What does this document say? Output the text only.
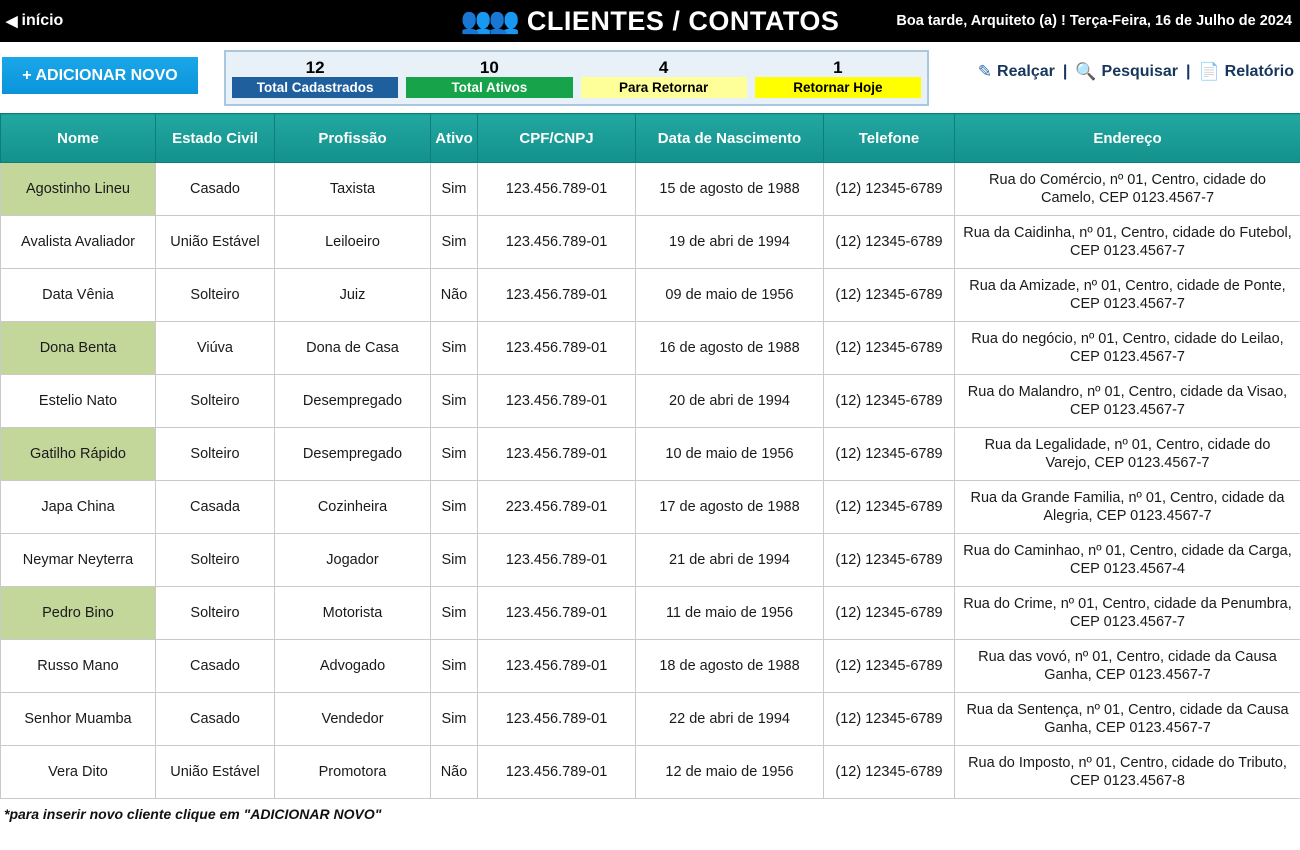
◀ início	👥👥 CLIENTES / CONTATOS	Boa tarde, Arquiteto (a) ! Terça-Feira, 16 de Julho de 2024
+ ADICIONAR NOVO	12
Total Cadastrados
10
Total Ativos
4
Para Retornar
1
Retornar Hoje
✎ Realçar | 🔍 Pesquisar | 📄 Relatório
Nome	Estado Civil	Profissão	Ativo	CPF/CNPJ	Data de Nascimento	Telefone	Endereço
Agostinho Lineu	Casado	Taxista	Sim	123.456.789-01	15 de agosto de 1988	(12) 12345-6789	Rua do Comércio, nº 01, Centro, cidade do Camelo, CEP 0123.4567-7
Avalista Avaliador	União Estável	Leiloeiro	Sim	123.456.789-01	19 de abri de 1994	(12) 12345-6789	Rua da Caidinha, nº 01, Centro, cidade do Futebol, CEP 0123.4567-7
Data Vênia	Solteiro	Juiz	Não	123.456.789-01	09 de maio de 1956	(12) 12345-6789	Rua da Amizade, nº 01, Centro, cidade de Ponte, CEP 0123.4567-7
Dona Benta	Viúva	Dona de Casa	Sim	123.456.789-01	16 de agosto de 1988	(12) 12345-6789	Rua do negócio, nº 01, Centro, cidade do Leilao, CEP 0123.4567-7
Estelio Nato	Solteiro	Desempregado	Sim	123.456.789-01	20 de abri de 1994	(12) 12345-6789	Rua do Malandro, nº 01, Centro, cidade da Visao, CEP 0123.4567-7
Gatilho Rápido	Solteiro	Desempregado	Sim	123.456.789-01	10 de maio de 1956	(12) 12345-6789	Rua da Legalidade, nº 01, Centro, cidade do Varejo, CEP 0123.4567-7
Japa China	Casada	Cozinheira	Sim	223.456.789-01	17 de agosto de 1988	(12) 12345-6789	Rua da Grande Familia, nº 01, Centro, cidade da Alegria, CEP 0123.4567-7
Neymar Neyterra	Solteiro	Jogador	Sim	123.456.789-01	21 de abri de 1994	(12) 12345-6789	Rua do Caminhao, nº 01, Centro, cidade da Carga, CEP 0123.4567-4
Pedro Bino	Solteiro	Motorista	Sim	123.456.789-01	11 de maio de 1956	(12) 12345-6789	Rua do Crime, nº 01, Centro, cidade da Penumbra, CEP 0123.4567-7
Russo Mano	Casado	Advogado	Sim	123.456.789-01	18 de agosto de 1988	(12) 12345-6789	Rua das vovó, nº 01, Centro, cidade da Causa Ganha, CEP 0123.4567-7
Senhor Muamba	Casado	Vendedor	Sim	123.456.789-01	22 de abri de 1994	(12) 12345-6789	Rua da Sentença, nº 01, Centro, cidade da Causa Ganha, CEP 0123.4567-7
Vera Dito	União Estável	Promotora	Não	123.456.789-01	12 de maio de 1956	(12) 12345-6789	Rua do Imposto, nº 01, Centro, cidade do Tributo, CEP 0123.4567-8
*para inserir novo cliente clique em "ADICIONAR NOVO"
